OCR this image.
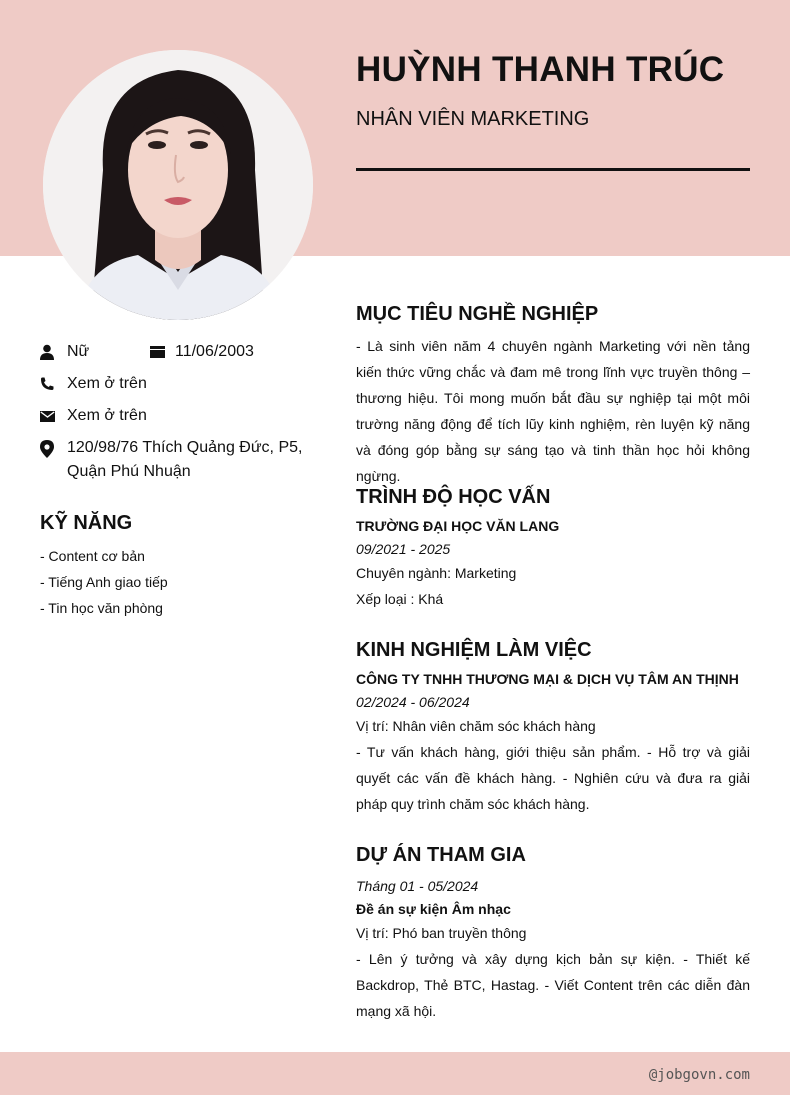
@jobgovn.com
HUỲNH THANH TRÚC
NHÂN VIÊN MARKETING
Nữ	11/06/2003
Xem ở trên
Xem ở trên
120/98/76 Thích Quảng Đức, P5,
Quận Phú Nhuận
KỸ NĂNG
- Content cơ bản
- Tiếng Anh giao tiếp
- Tin học văn phòng
MỤC TIÊU NGHỀ NGHIỆP

- Là sinh viên năm 4 chuyên ngành Marketing với nền tảng kiến thức vững chắc và đam mê trong lĩnh vực truyền thông – thương hiệu. Tôi mong muốn bắt đầu sự nghiệp tại một môi trường năng động để tích lũy kinh nghiệm, rèn luyện kỹ năng và đóng góp bằng sự sáng tạo và tinh thần học hỏi không ngừng.

TRÌNH ĐỘ HỌC VẤN
TRƯỜNG ĐẠI HỌC VĂN LANG
09/2021 - 2025
Chuyên ngành: Marketing
Xếp loại : Khá
KINH NGHIỆM LÀM VIỆC
CÔNG TY TNHH THƯƠNG MẠI & DỊCH VỤ TÂM AN THỊNH
02/2024 - 06/2024
Vị trí: Nhân viên chăm sóc khách hàng

- Tư vấn khách hàng, giới thiệu sản phẩm. - Hỗ trợ và giải quyết các vấn đề khách hàng. - Nghiên cứu và đưa ra giải pháp quy trình chăm sóc khách hàng.

DỰ ÁN THAM GIA
Tháng 01 - 05/2024
Đề án sự kiện Âm nhạc
Vị trí: Phó ban truyền thông

- Lên ý tưởng và xây dựng kịch bản sự kiện. - Thiết kế Backdrop, Thẻ BTC, Hastag. - Viết Content trên các diễn đàn mạng xã hội.
